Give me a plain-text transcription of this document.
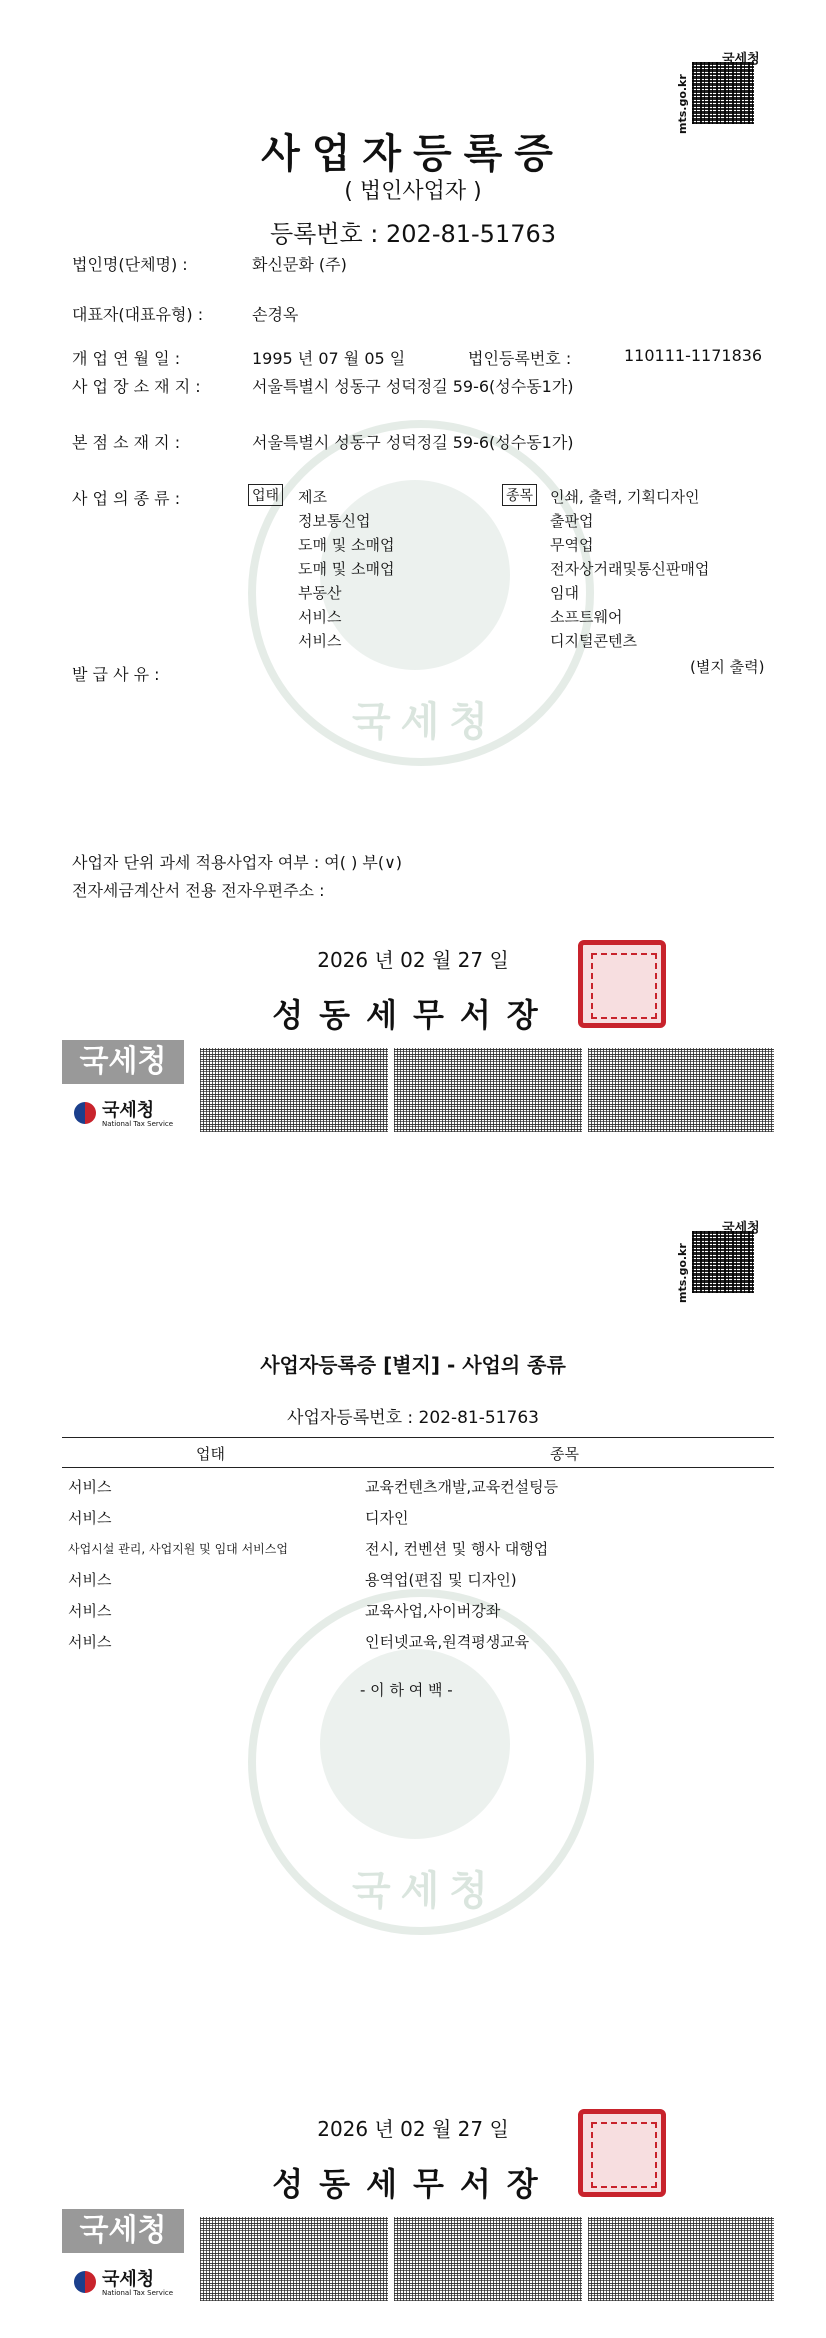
국세청
국세청
mts.go.kr
사업자등록증
( 법인사업자 )
등록번호 : 202-81-51763
법인명(단체명) :	화신문화 (주)
대표자(대표유형) :	손경옥
개 업 연 월 일 :	1995 년 07 월 05 일	법인등록번호 :	110111-1171836
사 업 장 소 재 지 :	서울특별시 성동구 성덕정길 59-6(성수동1가)
본 점 소 재 지 :	서울특별시 성동구 성덕정길 59-6(성수동1가)
사 업 의 종 류 :	업태	종목
제조	인쇄, 출력, 기획디자인
정보통신업	출판업
도매 및 소매업	무역업
도매 및 소매업	전자상거래및통신판매업
부동산	임대
서비스	소프트웨어
서비스	디지털콘텐츠
발 급 사 유 :	(별지 출력)
사업자 단위 과세 적용사업자 여부 : 여( ) 부(∨)
전자세금계산서 전용 전자우편주소 :
2026 년 02 월 27 일
성동세무서장
국세청
국세청
National Tax Service
국세청
국세청
mts.go.kr
사업자등록증 [별지] - 사업의 종류
사업자등록번호 : 202-81-51763
업태	종목
서비스	교육컨텐츠개발,교육컨설팅등
서비스	디자인
사업시설 관리, 사업지원 및 임대 서비스업	전시, 컨벤션 및 행사 대행업
서비스	용역업(편집 및 디자인)
서비스	교육사업,사이버강좌
서비스	인터넷교육,원격평생교육
- 이 하 여 백 -
2026 년 02 월 27 일
성동세무서장
국세청
국세청
National Tax Service
